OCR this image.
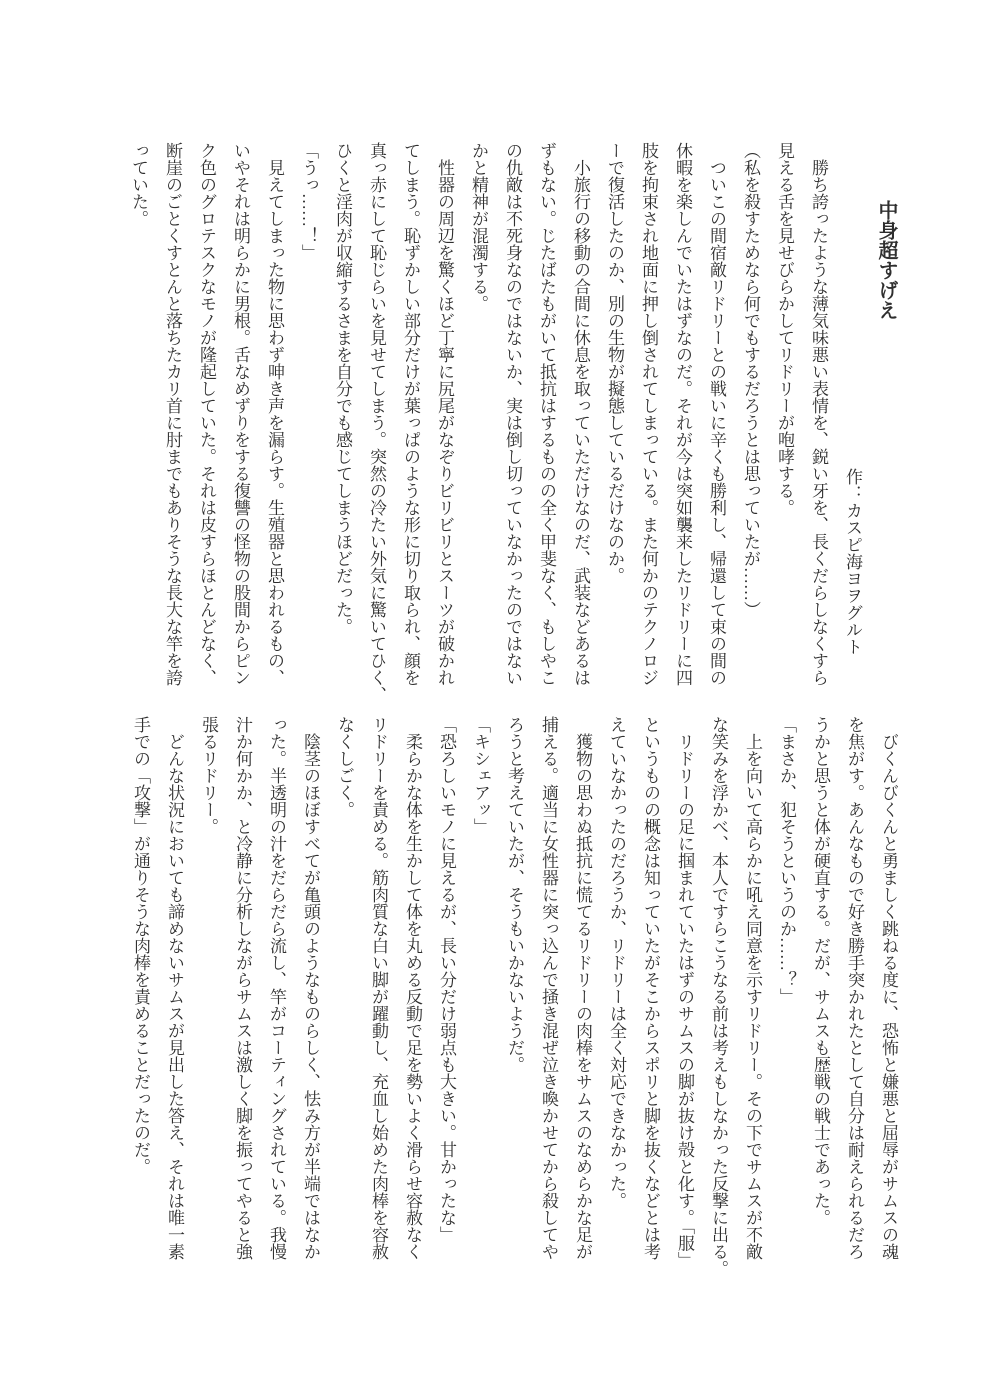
中身超すげえ
作：カスピ海ヨヲグルト
　勝ち誇ったような薄気味悪い表情を、鋭い牙を、長くだらしなくすら
見える舌を見せびらかしてリドリーが咆哮する。
（私を殺すためなら何でもするだろうとは思っていたが……）
　ついこの間宿敵リドリーとの戦いに辛くも勝利し、帰還して束の間の
休暇を楽しんでいたはずなのだ。それが今は突如襲来したリドリーに四
肢を拘束され地面に押し倒されてしまっている。また何かのテクノロジ
ーで復活したのか、別の生物が擬態しているだけなのか。
　小旅行の移動の合間に休息を取っていただけなのだ、武装などあるは
ずもない。じたばたもがいて抵抗はするものの全く甲斐なく、もしやこ
の仇敵は不死身なのではないか、実は倒し切っていなかったのではない
かと精神が混濁する。
　性器の周辺を驚くほど丁寧に尻尾がなぞりビリビリとスーツが破かれ
てしまう。恥ずかしい部分だけが葉っぱのような形に切り取られ、顔を
真っ赤にして恥じらいを見せてしまう。突然の冷たい外気に驚いてひく、
ひくと淫肉が収縮するさまを自分でも感じてしまうほどだった。
「うっ……！」
　見えてしまった物に思わず呻き声を漏らす。生殖器と思われるもの、
いやそれは明らかに男根。舌なめずりをする復讐の怪物の股間からピン
ク色のグロテスクなモノが隆起していた。それは皮すらほとんどなく、
断崖のごとくすとんと落ちたカリ首に肘までもありそうな長大な竿を誇
っていた。
　びくんびくんと勇ましく跳ねる度に、恐怖と嫌悪と屈辱がサムスの魂
を焦がす。あんなもので好き勝手突かれたとして自分は耐えられるだろ
うかと思うと体が硬直する。だが、サムスも歴戦の戦士であった。
「まさか、犯そうというのか……？」
　上を向いて高らかに吼え同意を示すリドリー。その下でサムスが不敵
な笑みを浮かべ、本人ですらこうなる前は考えもしなかった反撃に出る。
　リドリーの足に掴まれていたはずのサムスの脚が抜け殻と化す。「服」
というものの概念は知っていたがそこからスポリと脚を抜くなどとは考
えていなかったのだろうか、リドリーは全く対応できなかった。
　獲物の思わぬ抵抗に慌てるリドリーの肉棒をサムスのなめらかな足が
捕える。適当に女性器に突っ込んで掻き混ぜ泣き喚かせてから殺してや
ろうと考えていたが、そうもいかないようだ。
「キシェアッ」
「恐ろしいモノに見えるが、長い分だけ弱点も大きい。甘かったな」
　柔らかな体を生かして体を丸める反動で足を勢いよく滑らせ容赦なく
リドリーを責める。筋肉質な白い脚が躍動し、充血し始めた肉棒を容赦
なくしごく。
　陰茎のほぼすべてが亀頭のようなものらしく、怯み方が半端ではなか
った。半透明の汁をだらだら流し、竿がコーティングされている。我慢
汁か何かか、と冷静に分析しながらサムスは激しく脚を振ってやると強
張るリドリー。
　どんな状況においても諦めないサムスが見出した答え、それは唯一素
手での「攻撃」が通りそうな肉棒を責めることだったのだ。
